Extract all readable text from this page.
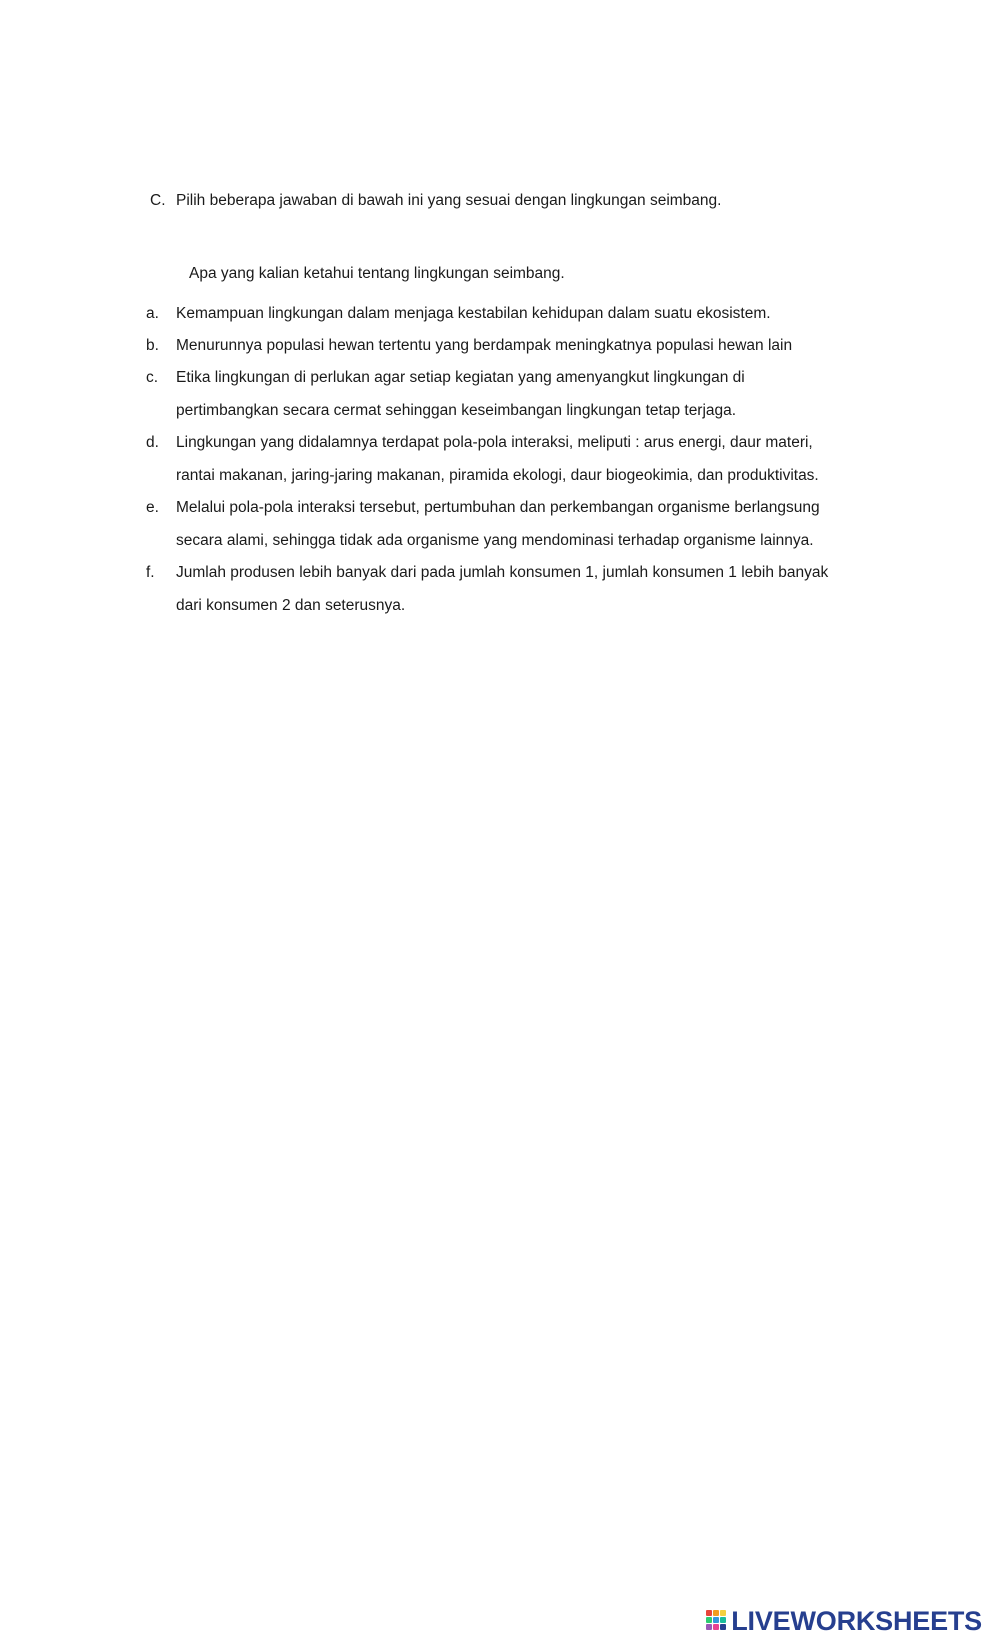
C. Pilih beberapa jawaban di bawah ini yang sesuai dengan lingkungan seimbang.
Apa yang kalian ketahui tentang lingkungan seimbang.
a.	Kemampuan lingkungan dalam menjaga kestabilan kehidupan dalam suatu ekosistem.
b.	Menurunnya populasi hewan tertentu yang berdampak meningkatnya populasi hewan lain
c.	Etika lingkungan di perlukan agar setiap kegiatan yang amenyangkut lingkungan di
pertimbangkan secara cermat sehinggan keseimbangan lingkungan tetap terjaga.
d.	Lingkungan yang didalamnya terdapat pola-pola interaksi, meliputi : arus energi, daur materi,
rantai makanan, jaring-jaring makanan, piramida ekologi, daur biogeokimia, dan produktivitas.
e.	Melalui pola-pola interaksi tersebut, pertumbuhan dan perkembangan organisme berlangsung
secara alami, sehingga tidak ada organisme yang mendominasi terhadap organisme lainnya.
f.	Jumlah produsen lebih banyak dari pada jumlah konsumen 1, jumlah konsumen 1 lebih banyak
dari konsumen 2 dan seterusnya.
LIVEWORKSHEETS
